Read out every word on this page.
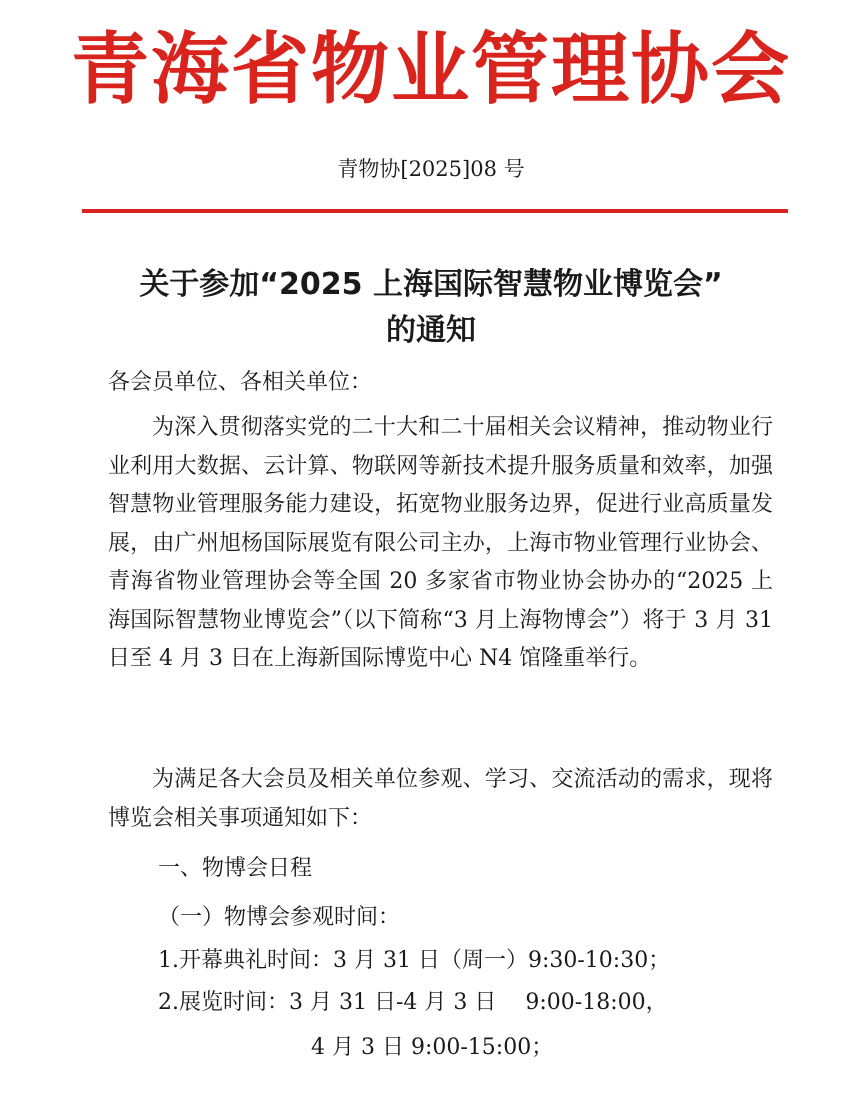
青海省物业管理协会
青物协[2025]08 号
关于参加“2025 上海国际智慧物业博览会”
的通知

各会员单位、各相关单位：

为深入贯彻落实党的二十大和二十届相关会议精神，推动物业行业利用大数据、云计算、物联网等新技术提升服务质量和效率，加强智慧物业管理服务能力建设，拓宽物业服务边界，促进行业高质量发展，由广州旭杨国际展览有限公司主办，上海市物业管理行业协会、青海省物业管理协会等全国 20 多家省市物业协会协办的“2025 上海国际智慧物业博览会”（以下简称“3 月上海物博会”）将于 3 月 31 日至 4 月 3 日在上海新国际博览中心 N4 馆隆重举行。

为满足各大会员及相关单位参观、学习、交流活动的需求，现将博览会相关事项通知如下：

一、物博会日程
（一）物博会参观时间：
1.开幕典礼时间：3 月 31 日（周一）9:30-10:30；
2.展览时间：3 月 31 日-4 月 3 日　 9:00-18:00，
4 月 3 日 9:00-15:00；
